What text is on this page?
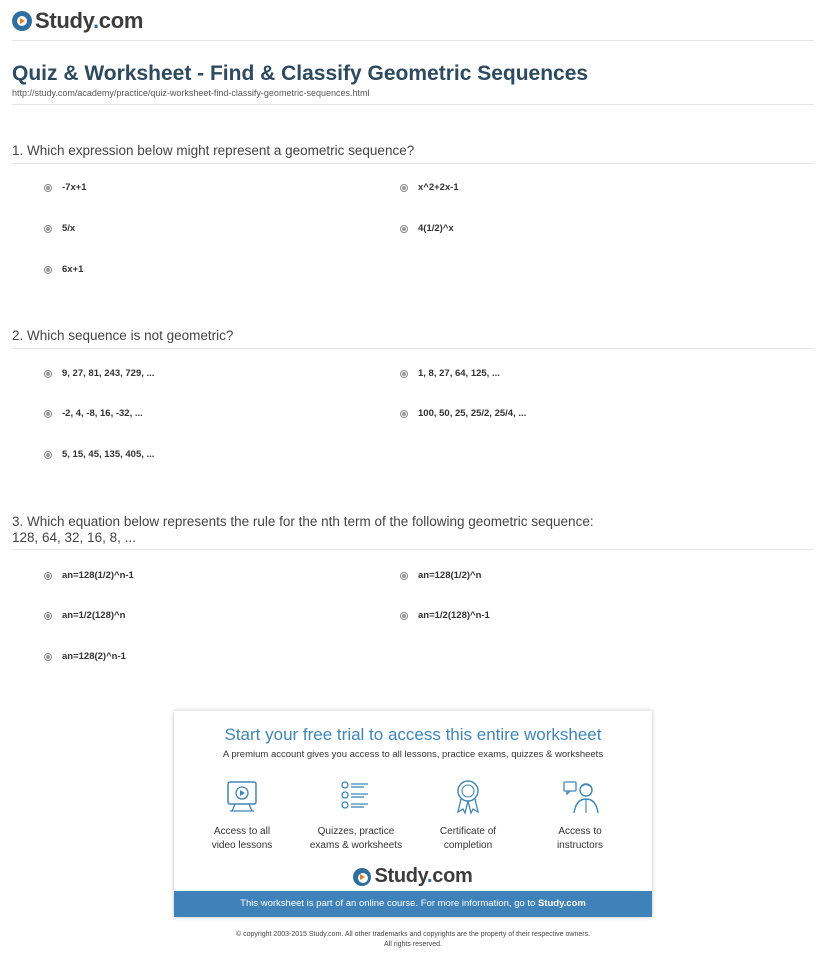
Study.com
Quiz & Worksheet - Find & Classify Geometric Sequences
http://study.com/academy/practice/quiz-worksheet-find-classify-geometric-sequences.html
1. Which expression below might represent a geometric sequence?
-7x+1	x^2+2x-1
5/x	4(1/2)^x
6x+1
2. Which sequence is not geometric?
9, 27, 81, 243, 729, ...	1, 8, 27, 64, 125, ...
-2, 4, -8, 16, -32, ...	100, 50, 25, 25/2, 25/4, ...
5, 15, 45, 135, 405, ...
3. Which equation below represents the rule for the nth term of the following geometric sequence:
128, 64, 32, 16, 8, ...
an=128(1/2)^n-1	an=128(1/2)^n
an=1/2(128)^n	an=1/2(128)^n-1
an=128(2)^n-1
Start your free trial to access this entire worksheet
A premium account gives you access to all lessons, practice exams, quizzes & worksheets
Access to all
video lessons
Quizzes, practice
exams & worksheets
Certificate of
completion
Access to
instructors
Study.com
This worksheet is part of an online course. For more information, go to Study.com
© copyright 2003-2015 Study.com. All other trademarks and copyrights are the property of their respective owners.
All rights reserved.
